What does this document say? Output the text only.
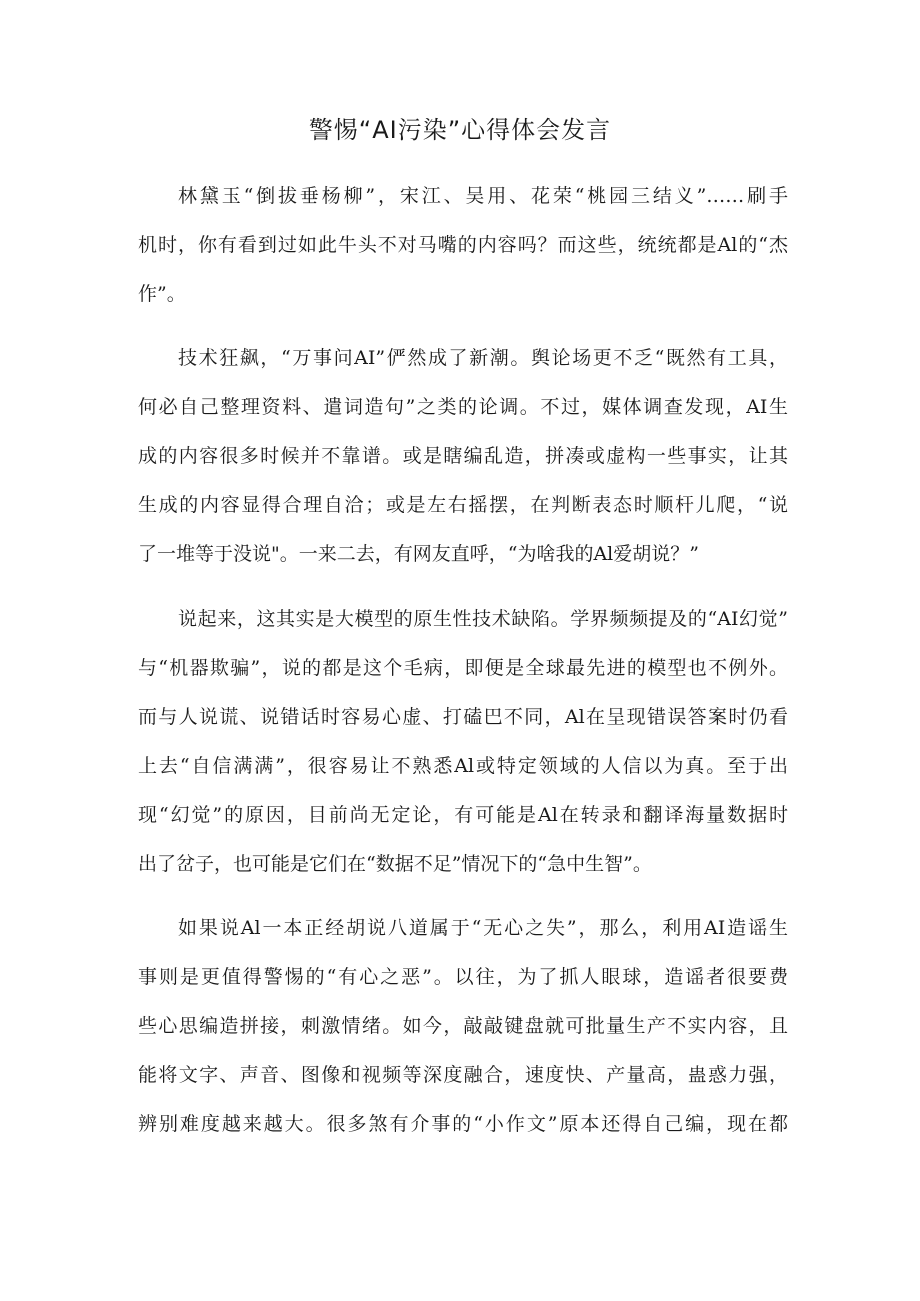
警惕“AI污染”心得体会发言

林黛玉“倒拔垂杨柳”，宋江、吴用、花荣“桃园三结义”……刷手

机时，你有看到过如此牛头不对马嘴的内容吗？而这些，统统都是Al的“杰

作”。

技术狂飙，“万事问AI”俨然成了新潮。舆论场更不乏“既然有工具，

何必自己整理资料、遣词造句”之类的论调。不过，媒体调查发现，AI生

成的内容很多时候并不靠谱。或是瞎编乱造，拼凑或虚构一些事实，让其

生成的内容显得合理自洽；或是左右摇摆，在判断表态时顺杆儿爬，“说

了一堆等于没说"。一来二去，有网友直呼，“为啥我的Al爱胡说？”

说起来，这其实是大模型的原生性技术缺陷。学界频频提及的“AI幻觉”

与“机器欺骗”，说的都是这个毛病，即便是全球最先进的模型也不例外。

而与人说谎、说错话时容易心虚、打磕巴不同，Al在呈现错误答案时仍看

上去“自信满满”，很容易让不熟悉Al或特定领域的人信以为真。至于出

现“幻觉”的原因，目前尚无定论，有可能是Al在转录和翻译海量数据时

出了岔子，也可能是它们在“数据不足”情况下的“急中生智”。

如果说Al一本正经胡说八道属于“无心之失”，那么，利用AI造谣生

事则是更值得警惕的“有心之恶”。以往，为了抓人眼球，造谣者很要费

些心思编造拼接，刺激情绪。如今，敲敲键盘就可批量生产不实内容，且

能将文字、声音、图像和视频等深度融合，速度快、产量高，蛊惑力强，

辨别难度越来越大。很多煞有介事的“小作文”原本还得自己编，现在都
